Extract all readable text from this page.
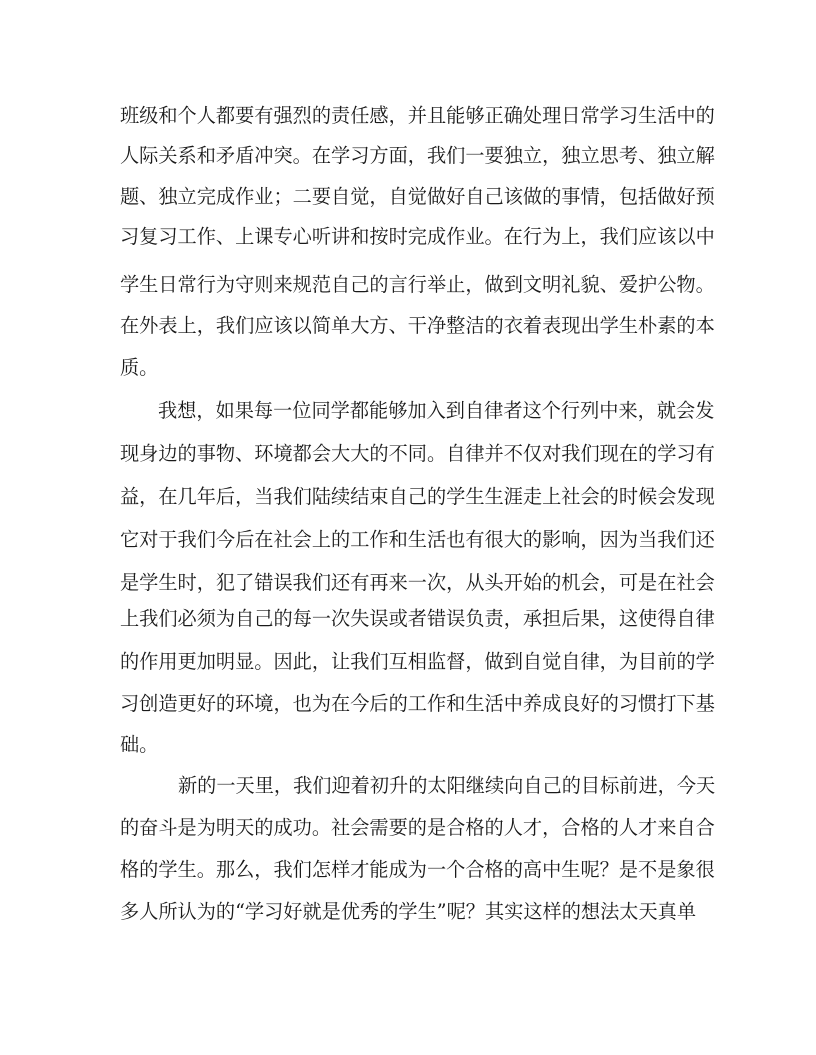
班级和个人都要有强烈的责任感，并且能够正确处理日常学习生活中的
人际关系和矛盾冲突。在学习方面，我们一要独立，独立思考、独立解
题、独立完成作业；二要自觉，自觉做好自己该做的事情，包括做好预
习复习工作、上课专心听讲和按时完成作业。在行为上，我们应该以中
学生日常行为守则来规范自己的言行举止，做到文明礼貌、爱护公物。
在外表上，我们应该以简单大方、干净整洁的衣着表现出学生朴素的本
质。
我想，如果每一位同学都能够加入到自律者这个行列中来，就会发
现身边的事物、环境都会大大的不同。自律并不仅对我们现在的学习有
益，在几年后，当我们陆续结束自己的学生生涯走上社会的时候会发现
它对于我们今后在社会上的工作和生活也有很大的影响，因为当我们还
是学生时，犯了错误我们还有再来一次，从头开始的机会，可是在社会
上我们必须为自己的每一次失误或者错误负责，承担后果，这使得自律
的作用更加明显。因此，让我们互相监督，做到自觉自律，为目前的学
习创造更好的环境，也为在今后的工作和生活中养成良好的习惯打下基
础。
新的一天里，我们迎着初升的太阳继续向自己的目标前进，今天
的奋斗是为明天的成功。社会需要的是合格的人才，合格的人才来自合
格的学生。那么，我们怎样才能成为一个合格的高中生呢？是不是象很
多人所认为的“学习好就是优秀的学生”呢？其实这样的想法太天真单
